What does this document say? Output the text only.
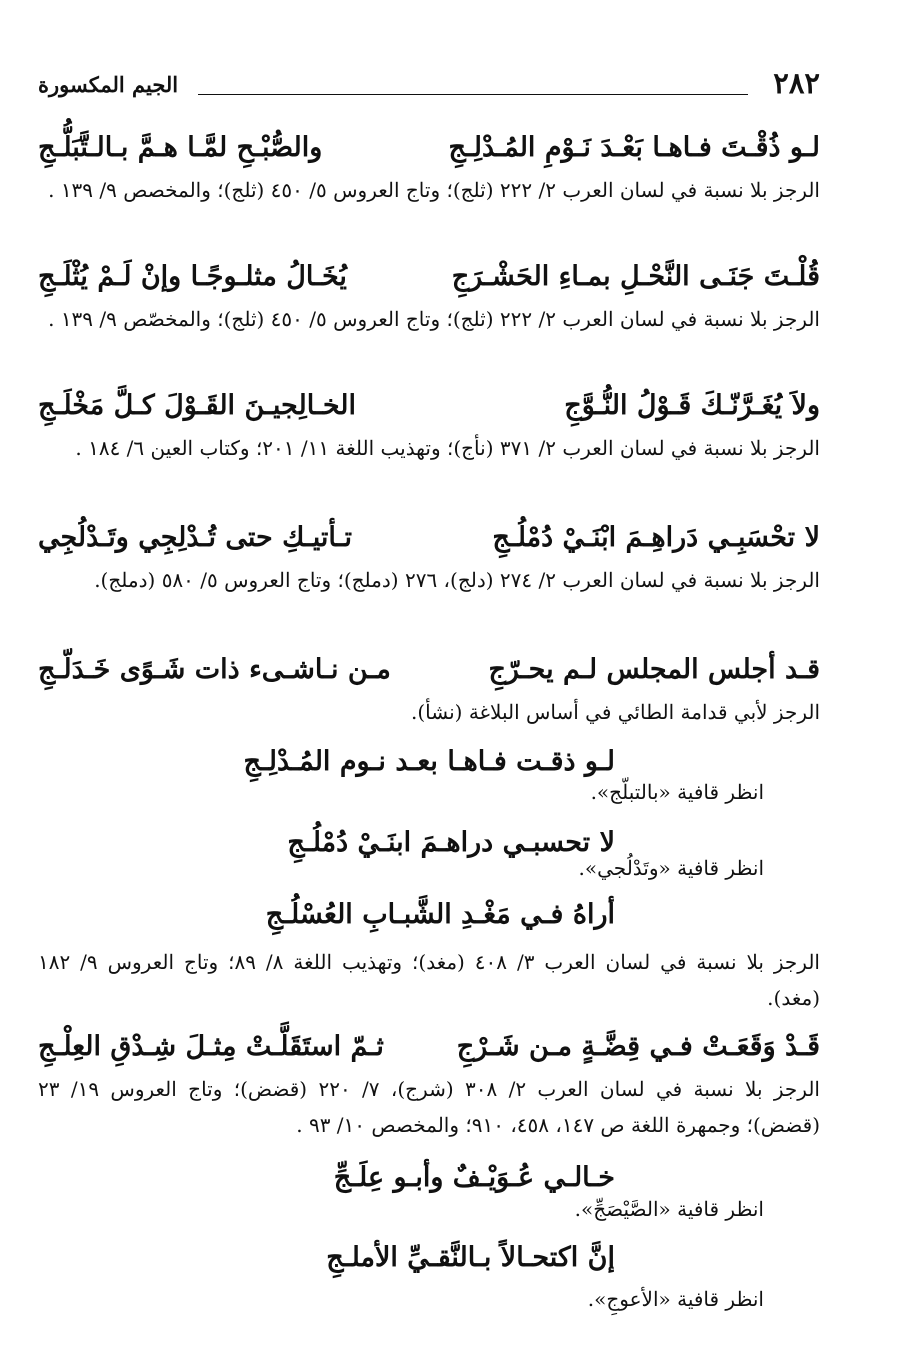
٢٨٢
الجيم المكسورة
لـو ذُقْـتَ فـاهـا بَعْـدَ نَـوْمِ المُـدْلِـجِ
والصُّبْـحِ لمَّـا هـمَّ بـالـتَّبَلُّـجِ
الرجز بلا نسبة في لسان العرب ٢/ ٢٢٢ (ثلج)؛ وتاج العروس ٥/ ٤٥٠ (ثلج)؛ والمخصص ٩/ ١٣٩ .
قُلْـتَ جَنَـى النَّحْـلِ بمـاءِ الحَشْـرَجِ
يُخَـالُ مثلـوجًـا وإنْ لَـمْ يُثْلَـجِ
الرجز بلا نسبة في لسان العرب ٢/ ٢٢٢ (ثلج)؛ وتاج العروس ٥/ ٤٥٠ (ثلج)؛ والمخصّص ٩/ ١٣٩ .
ولاَ يُغَـرَّنّـكَ قَـوْلُ النُّـوَّجِ
الخـالِجيـنَ القَـوْلَ كـلَّ مَخْلَـجِ
الرجز بلا نسبة في لسان العرب ٢/ ٣٧١ (نأج)؛ وتهذيب اللغة ١١/ ٢٠١؛ وكتاب العين ٦/ ١٨٤ .
لا تحْسَبِـي دَراهِـمَ ابْنَـيْ دُمْلُـجِ
تـأتيـكِ حتى تُـدْلِجِي وتَـدْلُجِي
الرجز بلا نسبة في لسان العرب ٢/ ٢٧٤ (دلج)، ٢٧٦ (دملج)؛ وتاج العروس ٥/ ٥٨٠ (دملج).
قـد أجلس المجلس لـم يحـرّجِ
مـن نـاشـىء ذات شَـوًى خَـدَلّـجِ
الرجز لأبي قدامة الطائي في أساس البلاغة (نشأ).
لـو ذقـت فـاهـا بعـد نـوم المُـدْلِـجِ
انظر قافية «بالتبلّج».
لا تحسبـي دراهـمَ ابنَـيْ دُمْلُـجِ
انظر قافية «وتَدْلُجي».
أراهُ فـي مَغْـدِ الشَّبـابِ العُسْلُـجِ
الرجز بلا نسبة في لسان العرب ٣/ ٤٠٨ (مغد)؛ وتهذيب اللغة ٨/ ٨٩؛ وتاج العروس ٩/ ١٨٢ (مغد).
قَـدْ وَقَعَـتْ فـي قِضَّـةٍ مـن شَـرْجِ
ثـمّ استَقَلَّـتْ مِثـلَ شِـدْقِ العِلْـجِ
الرجز بلا نسبة في لسان العرب ٢/ ٣٠٨ (شرج)، ٧/ ٢٢٠ (قضض)؛ وتاج العروس ١٩/ ٢٣ (قضض)؛ وجمهرة اللغة ص ١٤٧، ٤٥٨، ٩١٠؛ والمخصص ١٠/ ٩٣ .
خـالـي عُـوَيْـفٌ وأبـو عِلَـجِّ
انظر قافية «الصَّيْصَجِّ».
إنَّ اكتحـالاً بـالنَّقـيِّ الأملـجِ
انظر قافية «الأعوجِ».
